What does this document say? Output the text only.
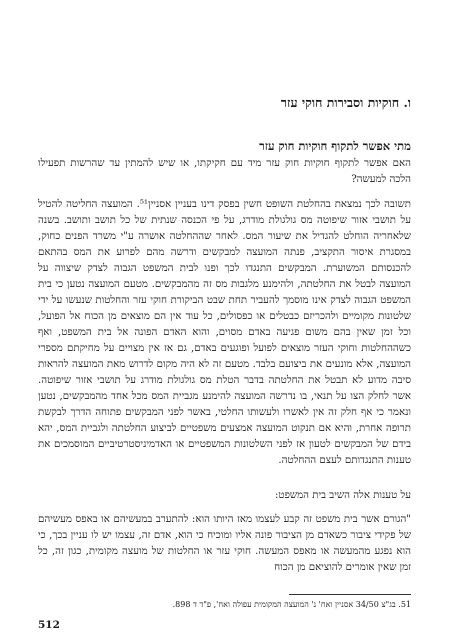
ו. חוקיות וסבירות חוקי עזר
מתי אפשר לתקוף חוקיות חוק עזר

האם אפשר לתקוף חוקיות חוק עזר מיד עם חקיקתו, או שיש להמתין עד שהרשות תפעילו הלכה למעשה?

תשובה לכך נמצאת בהחלטת השופט חשין בפסק דינו בעניין אסניין⁵¹. המועצה החליטה להטיל על תושבי אזור שיפוטה מס גולגולת מודרג, על פי הכנסה שנתית של כל תושב ותושב. בשנה שלאחריה הוחלט להגדיל את שיעור המס. לאחר שההחלטה אושרה ע"י משרד הפנים כחוק, במסגרת איסור התקציב, פנתה המועצה למבקשים ודרשה מהם לפרוע את המס בהתאם להכנסותם המשוערת. המבקשים התנגדו לכך ופנו לבית המשפט הגבוה לצדק שיצווה על המועצה לבטל את החלטתה, ולהימנע מלגבות מס זה מהמבקשים. מטעם המועצה נטען כי בית המשפט הגבוה לצדק אינו מוסמך להעביר תחת שבט הביקורת חוקי עזר והחלטות שנעשו על ידי שלטונות מקומיים ולהכריזם כבטלים או כפסולים, כל עוד אין הם מוצאים מן הכוח אל הפועל, וכל זמן שאין בהם משום פגיעה באדם מסוים, והוא האדם הפונה אל בית המשפט, ואף כשההחלטות וחוקי העזר מוצאים לפועל ופוגעים באדם, גם אז אין מצויים על מחיקתם מספרי המועצה, אלא מונעים את ביצועם בלבד. מטעם זה לא היה מקום לדרוש מאת המועצה להראות סיבה מדוע לא תבטל את החלטתה בדבר הטלת מס גולגולת מודרג על תושבי אזור שיפוטה. אשר לחלק הצו על תנאי, בו נדרשה המועצה להימנע מגביית המס מכל אחד מהמבקשים, נטען ונאמר כי אף חלק זה אין לאשרו ולעשותו החלטי, באשר לפני המבקשים פתוחה הדרך לבקשת תרופה אחרת, והיא אם תנקוט המועצה אמצעים משפטיים לביצוע החלטתה ולגביית המס, יהא בידם של המבקשים לטעון אז לפני השלטונות המשפטיים או האדמיניסטרטיביים המוסמכים את טענות התנגדותם לעצם ההחלטה.

על טענות אלה השיב בית המשפט:

"הגורם אשר בית משפט זה קבע לעצמו מאז היותו הוא: להתערב במעשיהם או באפס מעשיהם של פקידי ציבור כשאדם מן הציבור פונה אליו ומוכיח כי הוא, אדם זה, עצמו יש לו עניין בכך, כי הוא נפגע מהמעשה או מאפס המעשה. חוקי עזר או החלטות של מועצה מקומית, כגון זה, כל זמן שאין אומרים להוציאם מן הכוח

51. בג"צ 34/50 אסניין ואח' נ' המועצה המקומית עפולה ואח', פ"ד ד 898.
512
